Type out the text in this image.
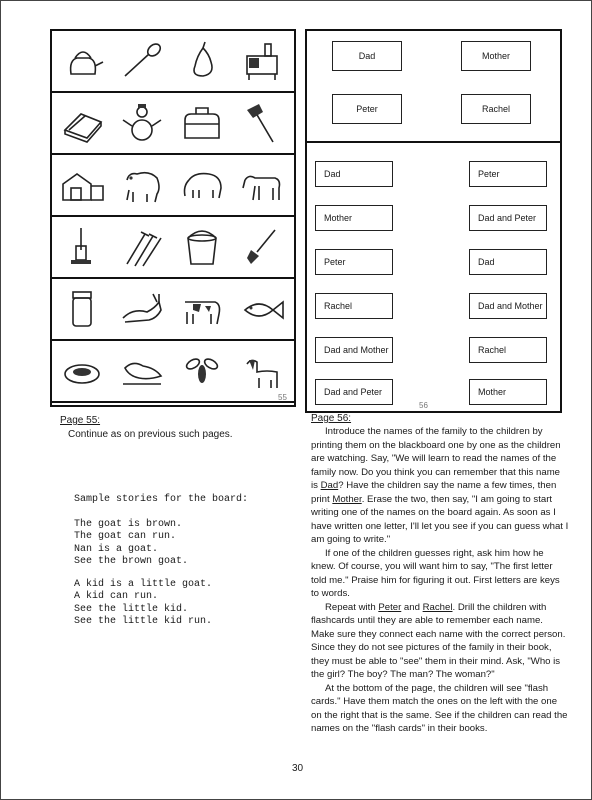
55
Dad	Mother
Peter	Rachel
Dad
Mother
Peter
Rachel
Dad and Mother
Dad and Peter
Peter
Dad and Peter
Dad
Dad and Mother
Rachel
Mother
56
Page 55:
Continue as on previous such pages.
Sample stories for the board:
The goat is brown.
The goat can run.
Nan is a goat.
See the brown goat.
A kid is a little goat.
A kid can run.
See the little kid.
See the little kid run.
Page 56:

Introduce the names of the family to the children by printing them on the blackboard one by one as the children are watching. Say, "We will learn to read the names of the family now. Do you think you can remember that this name is Dad? Have the children say the name a few times, then print Mother. Erase the two, then say, "I am going to start writing one of the names on the board again. As soon as I have written one letter, I'll let you see if you can guess what I am going to write."

If one of the children guesses right, ask him how he knew. Of course, you will want him to say, "The first letter told me." Praise him for figuring it out. First letters are keys to words.

Repeat with Peter and Rachel. Drill the children with flashcards until they are able to remember each name. Make sure they connect each name with the correct person. Since they do not see pictures of the family in their book, they must be able to "see" them in their mind. Ask, "Who is the girl? The boy? The man? The woman?"

At the bottom of the page, the children will see "flash cards." Have them match the ones on the left with the one on the right that is the same. See if the children can read the names on the "flash cards" in their books.

30
